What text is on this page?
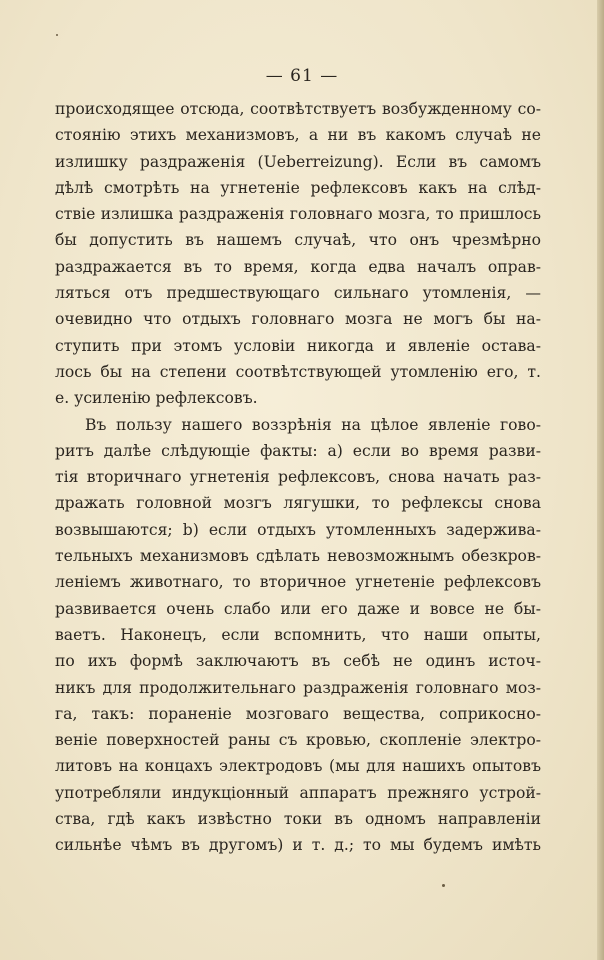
— 61 —
происходящее отсюда, соотвѣтствуетъ возбужденному со-
стоянію этихъ механизмовъ, а ни въ какомъ случаѣ не
излишку раздраженія (Ueberreizung). Если въ самомъ
дѣлѣ смотрѣть на угнетеніе рефлексовъ какъ на слѣд-
ствіе излишка раздраженія головнаго мозга, то пришлось
бы допустить въ нашемъ случаѣ, что онъ чрезмѣрно
раздражается въ то время, когда едва началъ оправ-
ляться отъ предшествующаго сильнаго утомленія, —
очевидно что отдыхъ головнаго мозга не могъ бы на-
ступить при этомъ условіи никогда и явленіе остава-
лось бы на степени соотвѣтствующей утомленію его, т.
е. усиленію рефлексовъ.
Въ пользу нашего воззрѣнія на цѣлое явленіе гово-
ритъ далѣе слѣдующіе факты: a) если во время разви-
тія вторичнаго угнетенія рефлексовъ, снова начать раз-
дражать головной мозгъ лягушки, то рефлексы снова
возвышаются; b) если отдыхъ утомленныхъ задержива-
тельныхъ механизмовъ сдѣлать невозможнымъ обезкров-
леніемъ животнаго, то вторичное угнетеніе рефлексовъ
развивается очень слабо или его даже и вовсе не бы-
ваетъ. Наконецъ, если вспомнить, что наши опыты,
по ихъ формѣ заключаютъ въ себѣ не одинъ источ-
никъ для продолжительнаго раздраженія головнаго моз-
га, такъ: пораненіе мозговаго вещества, соприкосно-
веніе поверхностей раны съ кровью, скопленіе электро-
литовъ на концахъ электродовъ (мы для нашихъ опытовъ
употребляли индукціонный аппаратъ прежняго устрой-
ства, гдѣ какъ извѣстно токи въ одномъ направленіи
сильнѣе чѣмъ въ другомъ) и т. д.; то мы будемъ имѣть
